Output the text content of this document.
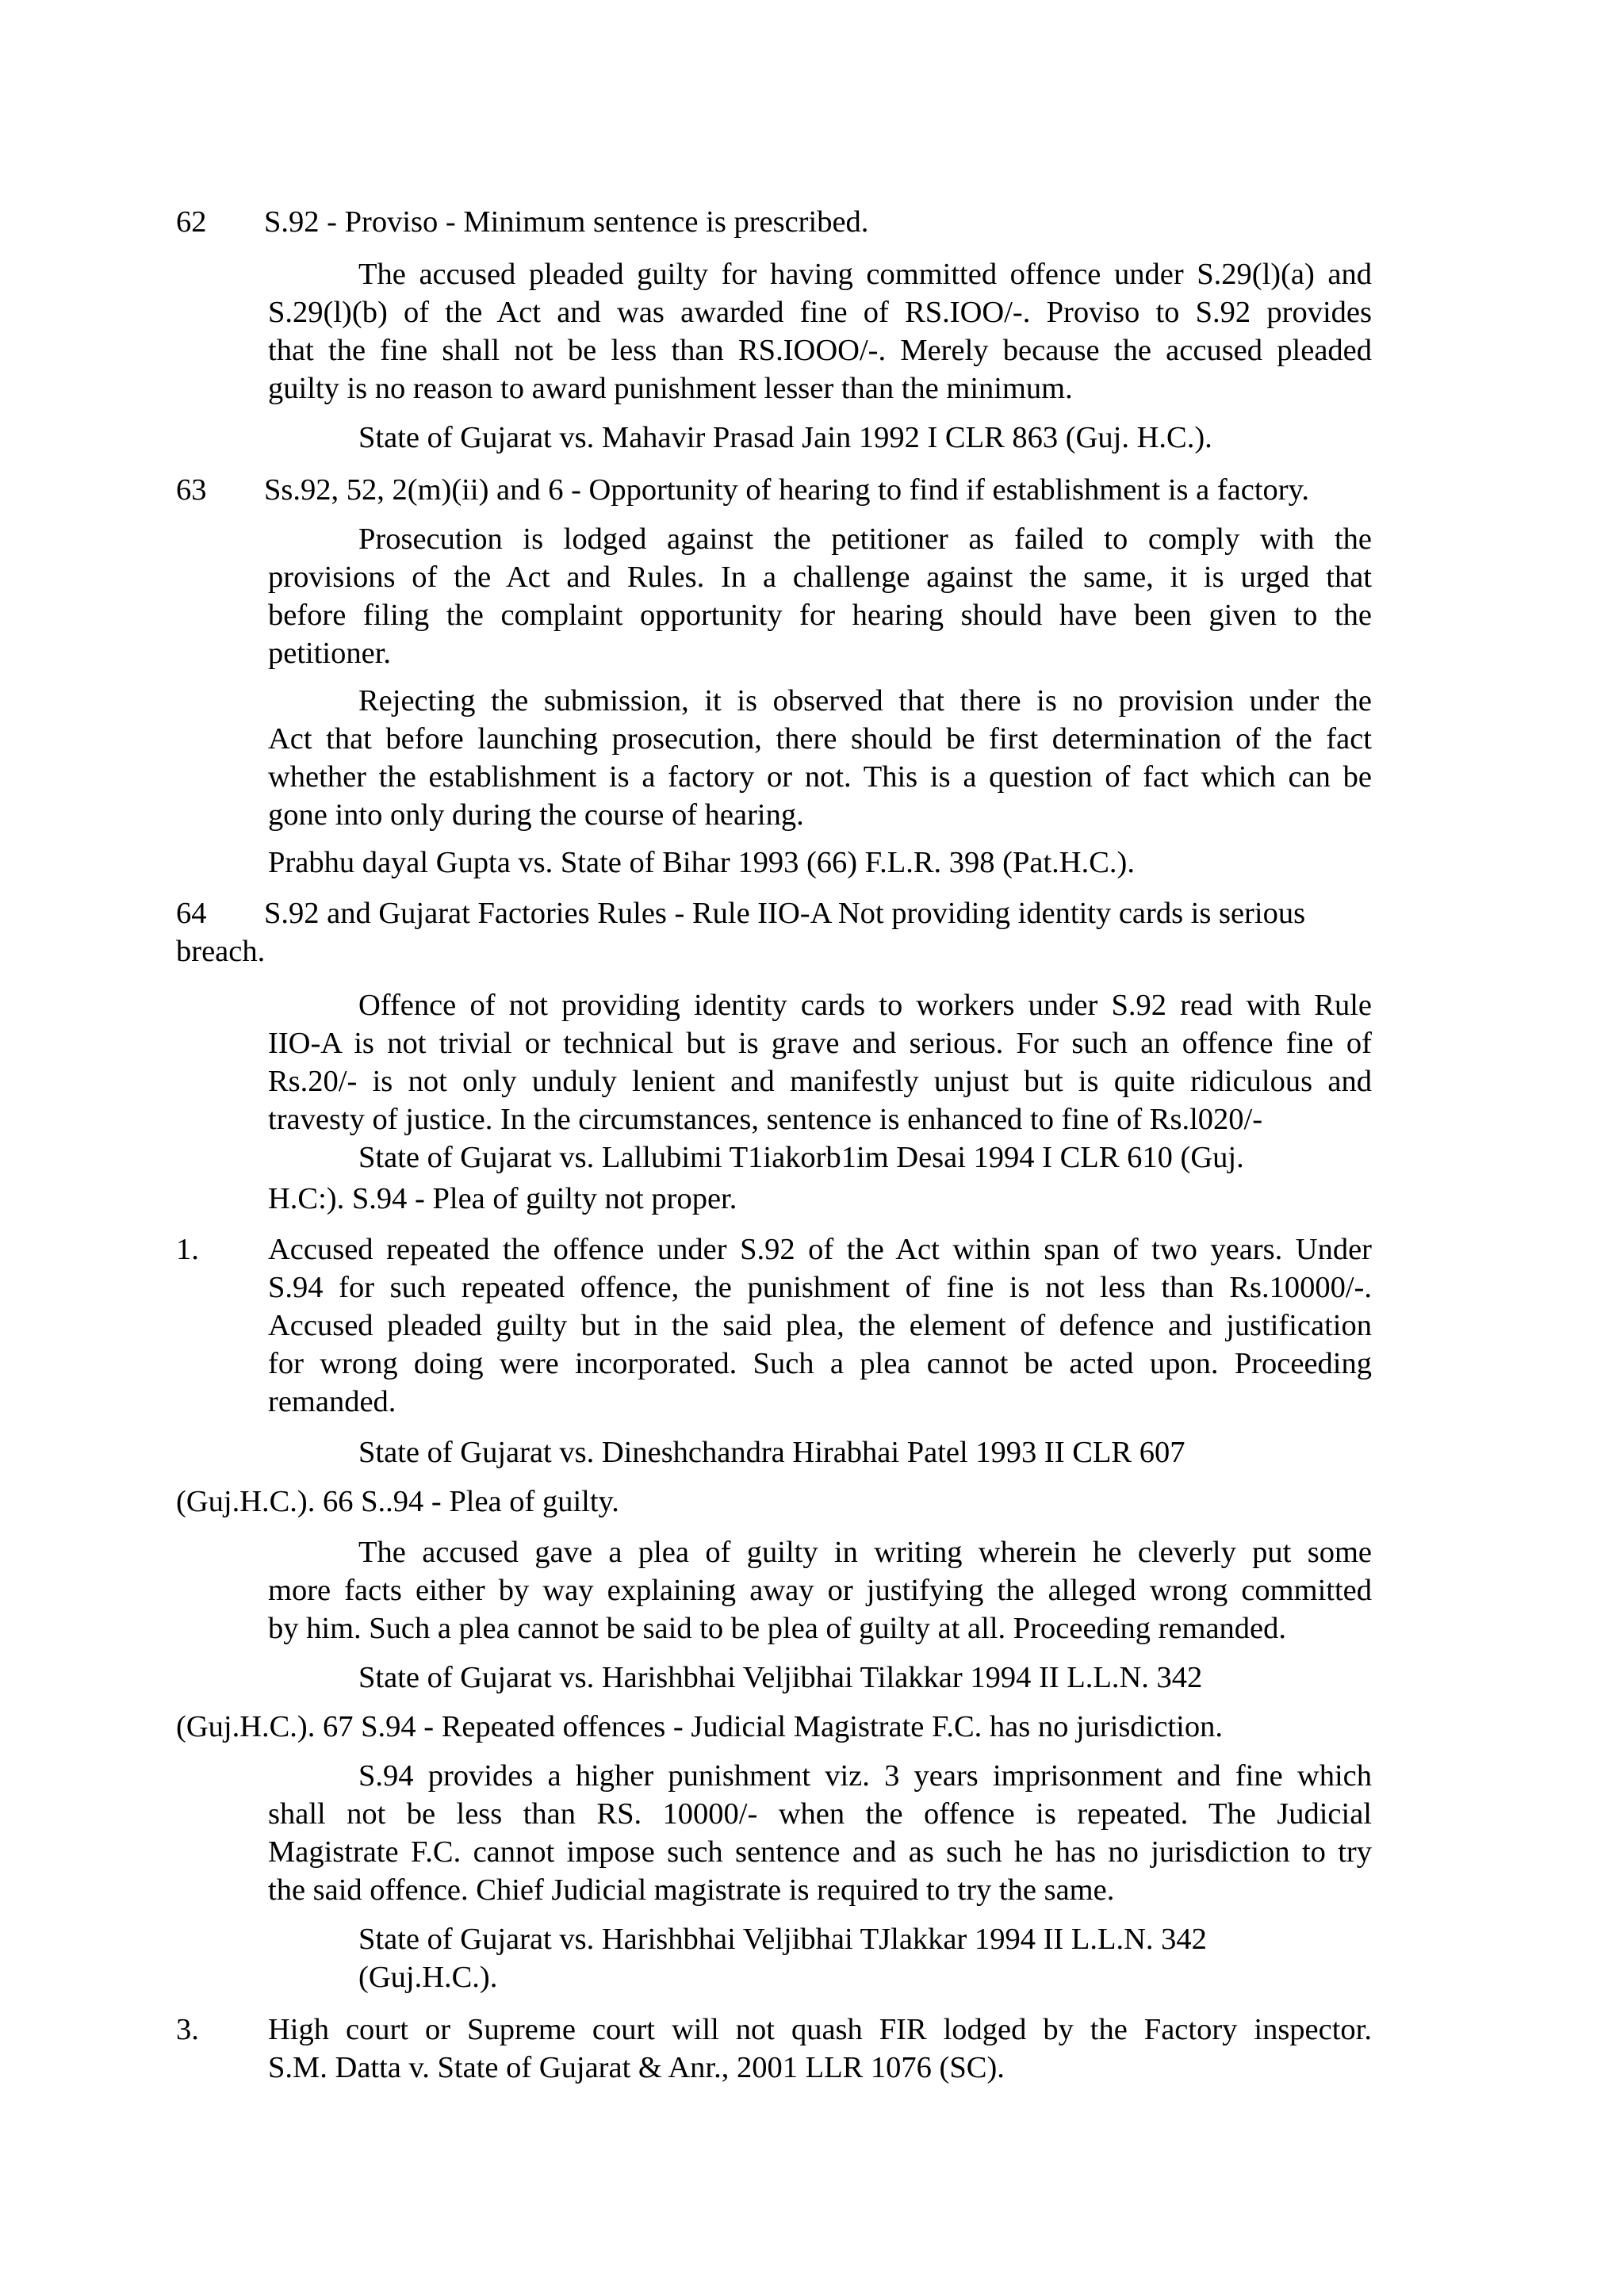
62 S.92 - Proviso - Minimum sentence is prescribed.
The accused pleaded guilty for having committed offence under S.29(l)(a) and
S.29(l)(b) of the Act and was awarded fine of RS.IOO/-. Proviso to S.92 provides
that the fine shall not be less than RS.IOOO/-. Merely because the accused pleaded
guilty is no reason to award punishment lesser than the minimum.
State of Gujarat vs. Mahavir Prasad Jain 1992 I CLR 863 (Guj. H.C.).
63 Ss.92, 52, 2(m)(ii) and 6 - Opportunity of hearing to find if establishment is a factory.
Prosecution is lodged against the petitioner as failed to comply with the
provisions of the Act and Rules. In a challenge against the same, it is urged that
before filing the complaint opportunity for hearing should have been given to the
petitioner.
Rejecting the submission, it is observed that there is no provision under the
Act that before launching prosecution, there should be first determination of the fact
whether the establishment is a factory or not. This is a question of fact which can be
gone into only during the course of hearing.
Prabhu dayal Gupta vs. State of Bihar 1993 (66) F.L.R. 398 (Pat.H.C.).
64 S.92 and Gujarat Factories Rules - Rule IIO-A Not providing identity cards is serious
breach.
Offence of not providing identity cards to workers under S.92 read with Rule
IIO-A is not trivial or technical but is grave and serious. For such an offence fine of
Rs.20/- is not only unduly lenient and manifestly unjust but is quite ridiculous and
travesty of justice. In the circumstances, sentence is enhanced to fine of Rs.l020/-
State of Gujarat vs. Lallubimi T1iakorb1im Desai 1994 I CLR 610 (Guj.
H.C:). S.94 - Plea of guilty not proper.
1. Accused repeated the offence under S.92 of the Act within span of two years. Under
S.94 for such repeated offence, the punishment of fine is not less than Rs.10000/-.
Accused pleaded guilty but in the said plea, the element of defence and justification
for wrong doing were incorporated. Such a plea cannot be acted upon. Proceeding
remanded.
State of Gujarat vs. Dineshchandra Hirabhai Patel 1993 II CLR 607
(Guj.H.C.). 66 S..94 - Plea of guilty.
The accused gave a plea of guilty in writing wherein he cleverly put some
more facts either by way explaining away or justifying the alleged wrong committed
by him. Such a plea cannot be said to be plea of guilty at all. Proceeding remanded.
State of Gujarat vs. Harishbhai Veljibhai Tilakkar 1994 II L.L.N. 342
(Guj.H.C.). 67 S.94 - Repeated offences - Judicial Magistrate F.C. has no jurisdiction.
S.94 provides a higher punishment viz. 3 years imprisonment and fine which
shall not be less than RS. 10000/- when the offence is repeated. The Judicial
Magistrate F.C. cannot impose such sentence and as such he has no jurisdiction to try
the said offence. Chief Judicial magistrate is required to try the same.
State of Gujarat vs. Harishbhai Veljibhai TJlakkar 1994 II L.L.N. 342
(Guj.H.C.).
3. High court or Supreme court will not quash FIR lodged by the Factory inspector.
S.M. Datta v. State of Gujarat & Anr., 2001 LLR 1076 (SC).
